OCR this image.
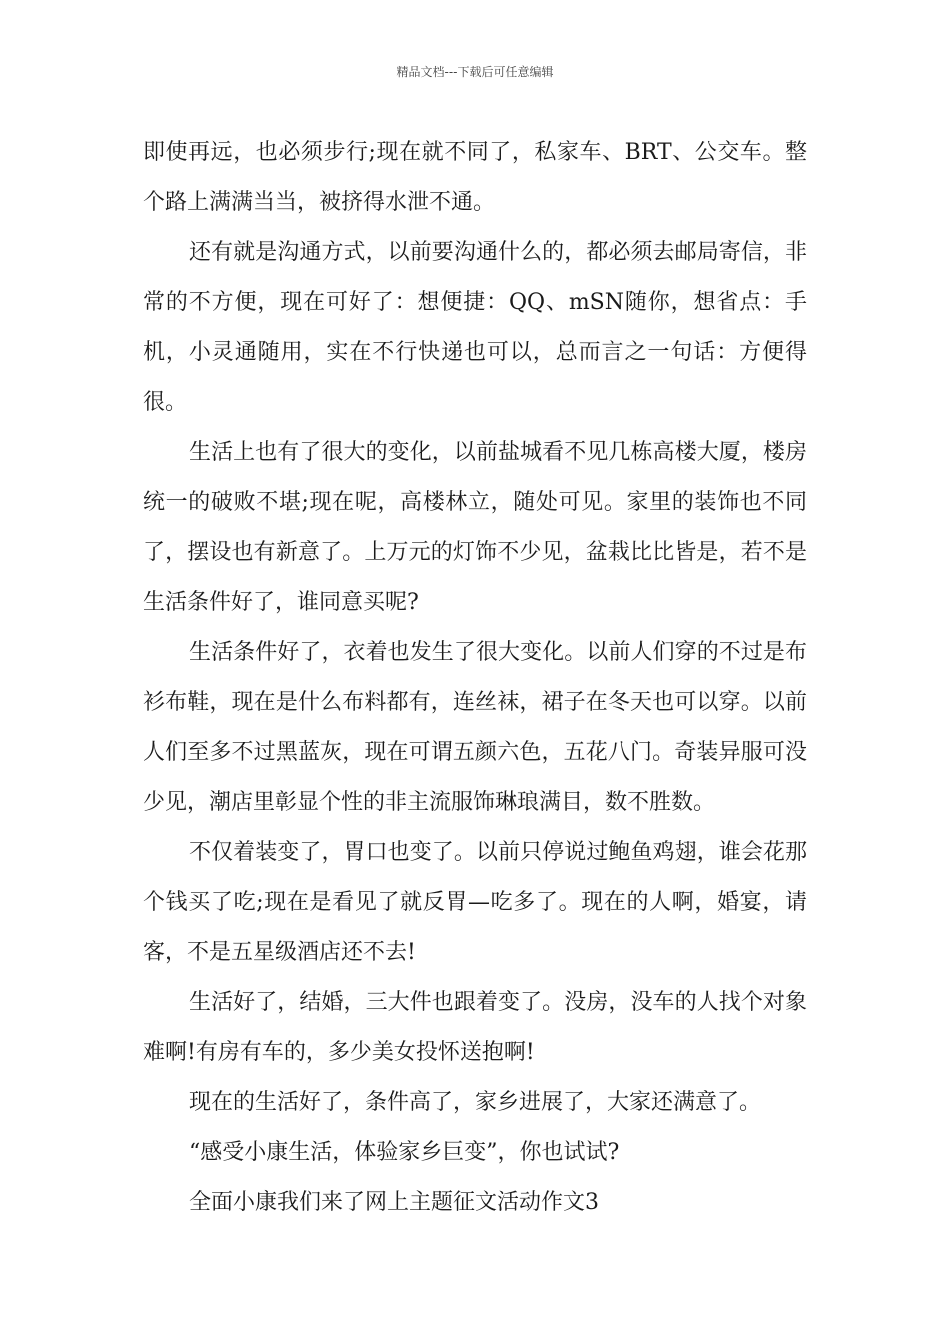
精品文档---下载后可任意编辑

即使再远，也必须步行;现在就不同了，私家车、BRT、公交车。整个路上满满当当，被挤得水泄不通。

还有就是沟通方式，以前要沟通什么的，都必须去邮局寄信，非常的不方便，现在可好了：想便捷：QQ、mSN随你，想省点：手机，小灵通随用，实在不行快递也可以，总而言之一句话：方便得很。

生活上也有了很大的变化，以前盐城看不见几栋高楼大厦，楼房统一的破败不堪;现在呢，高楼林立，随处可见。家里的装饰也不同了，摆设也有新意了。上万元的灯饰不少见，盆栽比比皆是，若不是生活条件好了，谁同意买呢?

生活条件好了，衣着也发生了很大变化。以前人们穿的不过是布衫布鞋，现在是什么布料都有，连丝袜，裙子在冬天也可以穿。以前人们至多不过黑蓝灰，现在可谓五颜六色，五花八门。奇装异服可没少见，潮店里彰显个性的非主流服饰琳琅满目，数不胜数。

不仅着装变了，胃口也变了。以前只停说过鲍鱼鸡翅，谁会花那个钱买了吃;现在是看见了就反胃—吃多了。现在的人啊，婚宴，请客，不是五星级酒店还不去!

生活好了，结婚，三大件也跟着变了。没房，没车的人找个对象难啊!有房有车的，多少美女投怀送抱啊!

现在的生活好了，条件高了，家乡进展了，大家还满意了。

“感受小康生活，体验家乡巨变”，你也试试?

全面小康我们来了网上主题征文活动作文3
